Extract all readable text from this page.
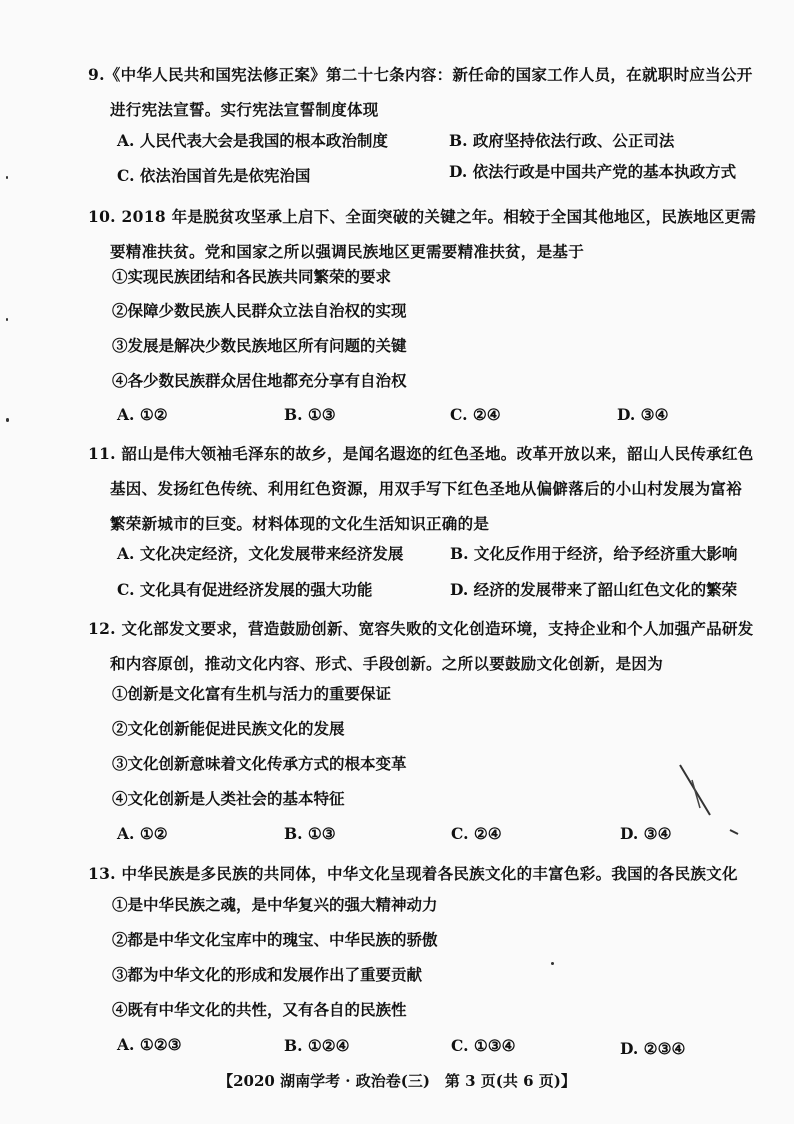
9.《中华人民共和国宪法修正案》第二十七条内容：新任命的国家工作人员，在就职时应当公开
进行宪法宣誓。实行宪法宣誓制度体现
A. 人民代表大会是我国的根本政治制度	B. 政府坚持依法行政、公正司法
C. 依法治国首先是依宪治国	D. 依法行政是中国共产党的基本执政方式
10. 2018 年是脱贫攻坚承上启下、全面突破的关键之年。相较于全国其他地区，民族地区更需
要精准扶贫。党和国家之所以强调民族地区更需要精准扶贫，是基于
①实现民族团结和各民族共同繁荣的要求
②保障少数民族人民群众立法自治权的实现
③发展是解决少数民族地区所有问题的关键
④各少数民族群众居住地都充分享有自治权
A. ①②	B. ①③	C. ②④	D. ③④
11. 韶山是伟大领袖毛泽东的故乡，是闻名遐迩的红色圣地。改革开放以来，韶山人民传承红色
基因、发扬红色传统、利用红色资源，用双手写下红色圣地从偏僻落后的小山村发展为富裕
繁荣新城市的巨变。材料体现的文化生活知识正确的是
A. 文化决定经济，文化发展带来经济发展	B. 文化反作用于经济，给予经济重大影响
C. 文化具有促进经济发展的强大功能	D. 经济的发展带来了韶山红色文化的繁荣
12. 文化部发文要求，营造鼓励创新、宽容失败的文化创造环境，支持企业和个人加强产品研发
和内容原创，推动文化内容、形式、手段创新。之所以要鼓励文化创新，是因为
①创新是文化富有生机与活力的重要保证
②文化创新能促进民族文化的发展
③文化创新意味着文化传承方式的根本变革
④文化创新是人类社会的基本特征
A. ①②	B. ①③	C. ②④	D. ③④
13. 中华民族是多民族的共同体，中华文化呈现着各民族文化的丰富色彩。我国的各民族文化
①是中华民族之魂，是中华复兴的强大精神动力
②都是中华文化宝库中的瑰宝、中华民族的骄傲
③都为中华文化的形成和发展作出了重要贡献
④既有中华文化的共性，又有各自的民族性
A. ①②③	B. ①②④	C. ①③④	D. ②③④
【2020 湖南学考 · 政治卷(三)　第 3 页(共 6 页)】
